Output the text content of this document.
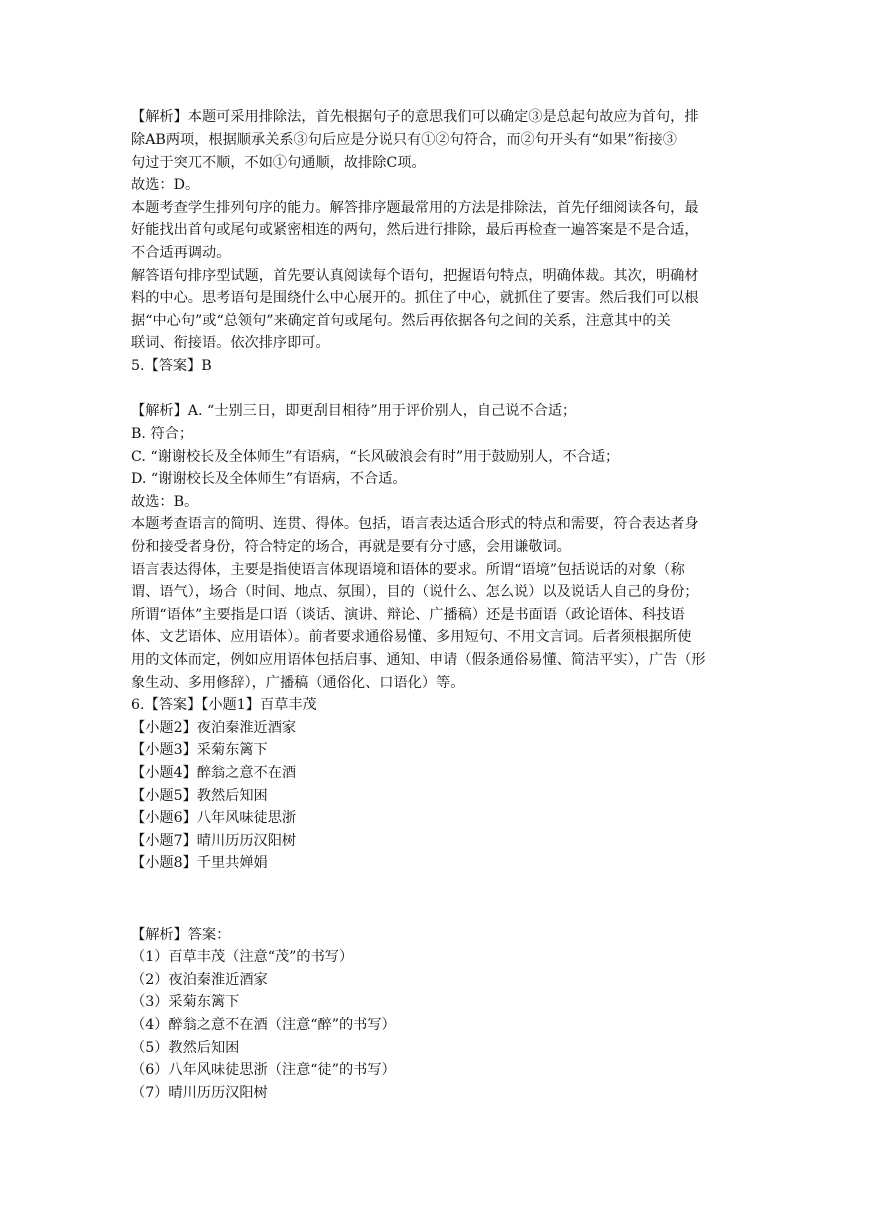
【解析】本题可采用排除法，首先根据句子的意思我们可以确定③是总起句故应为首句，排
除AB两项，根据顺承关系③句后应是分说只有①②句符合，而②句开头有“如果”衔接③
句过于突兀不顺，不如①句通顺，故排除C项。
故选：D。
本题考查学生排列句序的能力。解答排序题最常用的方法是排除法，首先仔细阅读各句，最
好能找出首句或尾句或紧密相连的两句，然后进行排除，最后再检查一遍答案是不是合适，
不合适再调动。
解答语句排序型试题，首先要认真阅读每个语句，把握语句特点，明确体裁。其次，明确材
料的中心。思考语句是围绕什么中心展开的。抓住了中心，就抓住了要害。然后我们可以根
据“中心句”或“总领句”来确定首句或尾句。然后再依据各句之间的关系，注意其中的关
联词、衔接语。依次排序即可。
5.【答案】B
【解析】A. “士别三日，即更刮目相待”用于评价别人，自己说不合适；
B. 符合；
C. “谢谢校长及全体师生”有语病，“长风破浪会有时”用于鼓励别人，不合适；
D. “谢谢校长及全体师生”有语病，不合适。
故选：B。
本题考查语言的简明、连贯、得体。包括，语言表达适合形式的特点和需要，符合表达者身
份和接受者身份，符合特定的场合，再就是要有分寸感，会用谦敬词。
语言表达得体，主要是指使语言体现语境和语体的要求。所谓“语境”包括说话的对象（称
谓、语气），场合（时间、地点、氛围），目的（说什么、怎么说）以及说话人自己的身份；
所谓“语体”主要指是口语（谈话、演讲、辩论、广播稿）还是书面语（政论语体、科技语
体、文艺语体、应用语体）。前者要求通俗易懂、多用短句、不用文言词。后者须根据所使
用的文体而定，例如应用语体包括启事、通知、申请（假条通俗易懂、简洁平实），广告（形
象生动、多用修辞），广播稿（通俗化、口语化）等。
6.【答案】【小题1】百草丰茂
【小题2】夜泊秦淮近酒家
【小题3】采菊东篱下
【小题4】醉翁之意不在酒
【小题5】教然后知困
【小题6】八年风味徒思浙
【小题7】晴川历历汉阳树
【小题8】千里共婵娟
【解析】答案：
（1）百草丰茂（注意“茂”的书写）
（2）夜泊秦淮近酒家
（3）采菊东篱下
（4）醉翁之意不在酒（注意“醉”的书写）
（5）教然后知困
（6）八年风味徒思浙（注意“徒”的书写）
（7）晴川历历汉阳树
